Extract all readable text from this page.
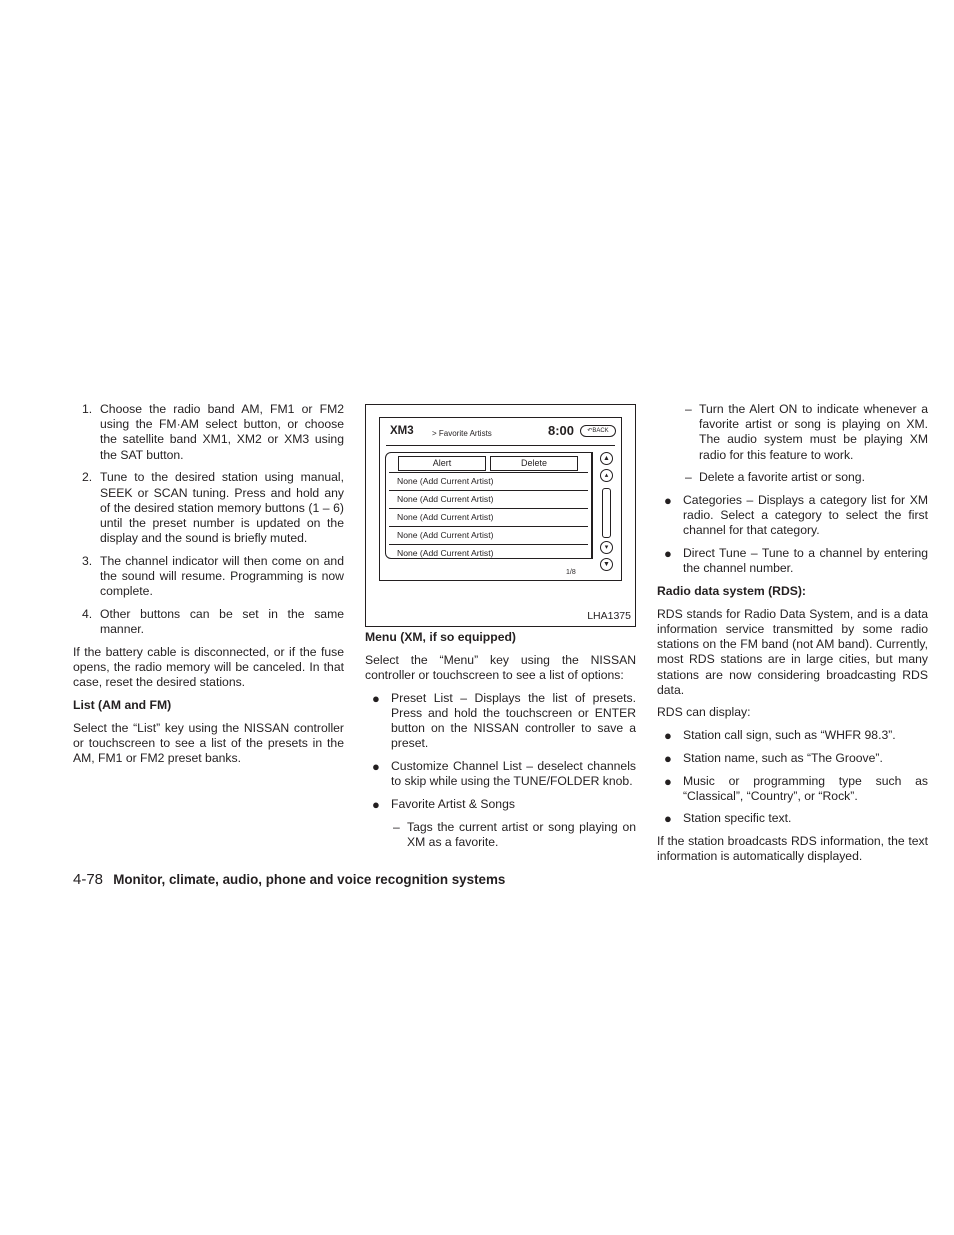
1. Choose the radio band AM, FM1 or FM2 using the FM·AM select button, or choose the satellite band XM1, XM2 or XM3 using the SAT button.
2. Tune to the desired station using manual, SEEK or SCAN tuning. Press and hold any of the desired station memory buttons (1 – 6) until the preset number is updated on the display and the sound is briefly muted.
3. The channel indicator will then come on and the sound will resume. Programming is now complete.
4. Other buttons can be set in the same manner.

If the battery cable is disconnected, or if the fuse opens, the radio memory will be canceled. In that case, reset the desired stations.

List (AM and FM)

Select the “List” key using the NISSAN controller or touchscreen to see a list of the presets in the AM, FM1 or FM2 preset banks.

XM3 > Favorite Artists	8:00	↶BACK
Alert	Delete
None (Add Current Artist)
None (Add Current Artist)
None (Add Current Artist)
None (Add Current Artist)
None (Add Current Artist)
▲
▴
▾
▼
1/8
LHA1375
Menu (XM, if so equipped)

Select the “Menu” key using the NISSAN controller or touchscreen to see a list of options:

● Preset List – Displays the list of presets. Press and hold the touchscreen or ENTER button on the NISSAN controller to save a preset.
● Customize Channel List – deselect channels to skip while using the TUNE/FOLDER knob.
● Favorite Artist & Songs
– Tags the current artist or song playing on XM as a favorite.
– Turn the Alert ON to indicate whenever a favorite artist or song is playing on XM. The audio system must be playing XM radio for this feature to work.
– Delete a favorite artist or song.
● Categories – Displays a category list for XM radio. Select a category to select the first channel for that category.
● Direct Tune – Tune to a channel by entering the channel number.
Radio data system (RDS):

RDS stands for Radio Data System, and is a data information service transmitted by some radio stations on the FM band (not AM band). Currently, most RDS stations are in large cities, but many stations are now considering broadcasting RDS data.

RDS can display:

● Station call sign, such as “WHFR 98.3”.
● Station name, such as “The Groove”.
● Music or programming type such as “Classical”, “Country”, or “Rock”.
● Station specific text.

If the station broadcasts RDS information, the text information is automatically displayed.

4-78 Monitor, climate, audio, phone and voice recognition systems
